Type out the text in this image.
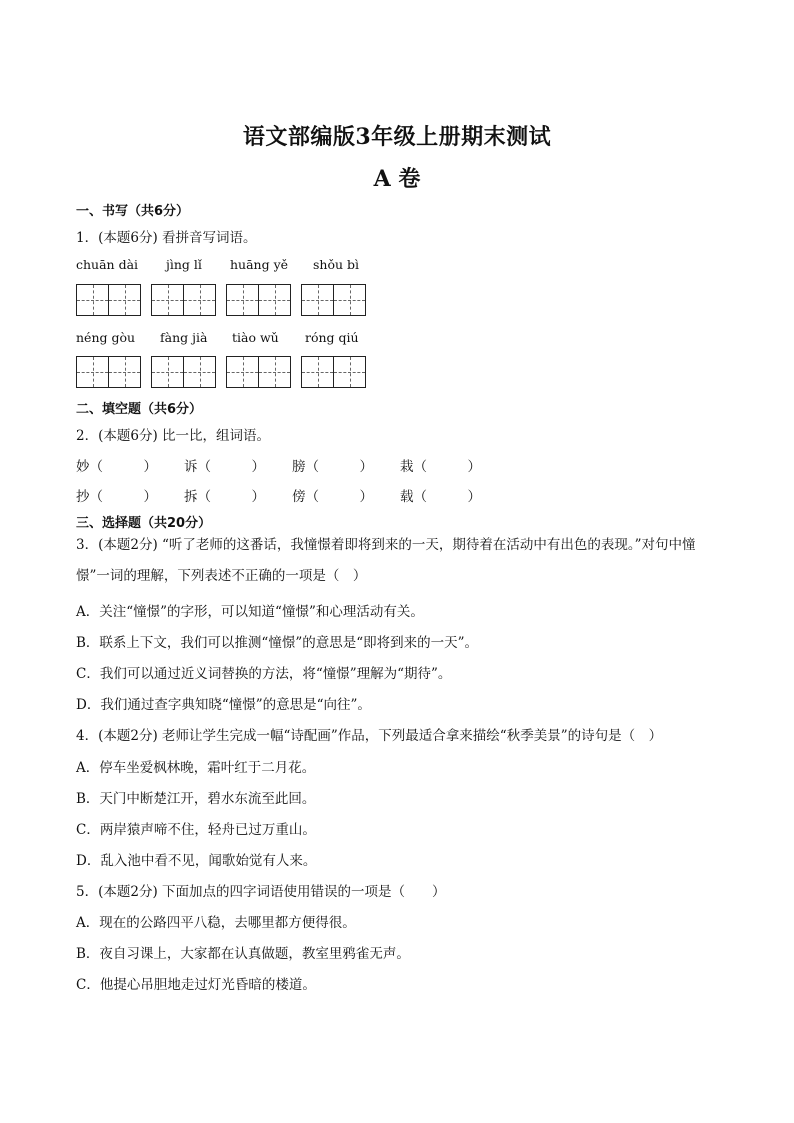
语文部编版3年级上册期末测试
A 卷
一、书写（共6分）
1．(本题6分) 看拼音写词语。
chuān dài jìng lǐ huāng yě shǒu bì
néng gòu fàng jià tiào wǔ róng qiú
二、填空题（共6分）
2．(本题6分) 比一比，组词语。
妙（　　　） 诉（　　　） 膀（　　　） 栽（　　　）
抄（　　　） 拆（　　　） 傍（　　　） 载（　　　）
三、选择题（共20分）
3．(本题2分) “听了老师的这番话，我憧憬着即将到来的一天，期待着在活动中有出色的表现。”对句中憧憬”一词的理解，下列表述不正确的一项是（　）
A．关注“憧憬”的字形，可以知道“憧憬”和心理活动有关。
B．联系上下文，我们可以推测“憧憬”的意思是“即将到来的一天”。
C．我们可以通过近义词替换的方法，将“憧憬”理解为“期待”。
D．我们通过查字典知晓“憧憬”的意思是“向往”。
4．(本题2分) 老师让学生完成一幅“诗配画”作品，下列最适合拿来描绘“秋季美景”的诗句是（　）
A．停车坐爱枫林晚，霜叶红于二月花。
B．天门中断楚江开，碧水东流至此回。
C．两岸猿声啼不住，轻舟已过万重山。
D．乱入池中看不见，闻歌始觉有人来。
5．(本题2分) 下面加点的四字词语使用错误的一项是（　　）
A．现在的公路四平八稳，去哪里都方便得很。
B．夜自习课上，大家都在认真做题，教室里鸦雀无声。
C．他提心吊胆地走过灯光昏暗的楼道。
